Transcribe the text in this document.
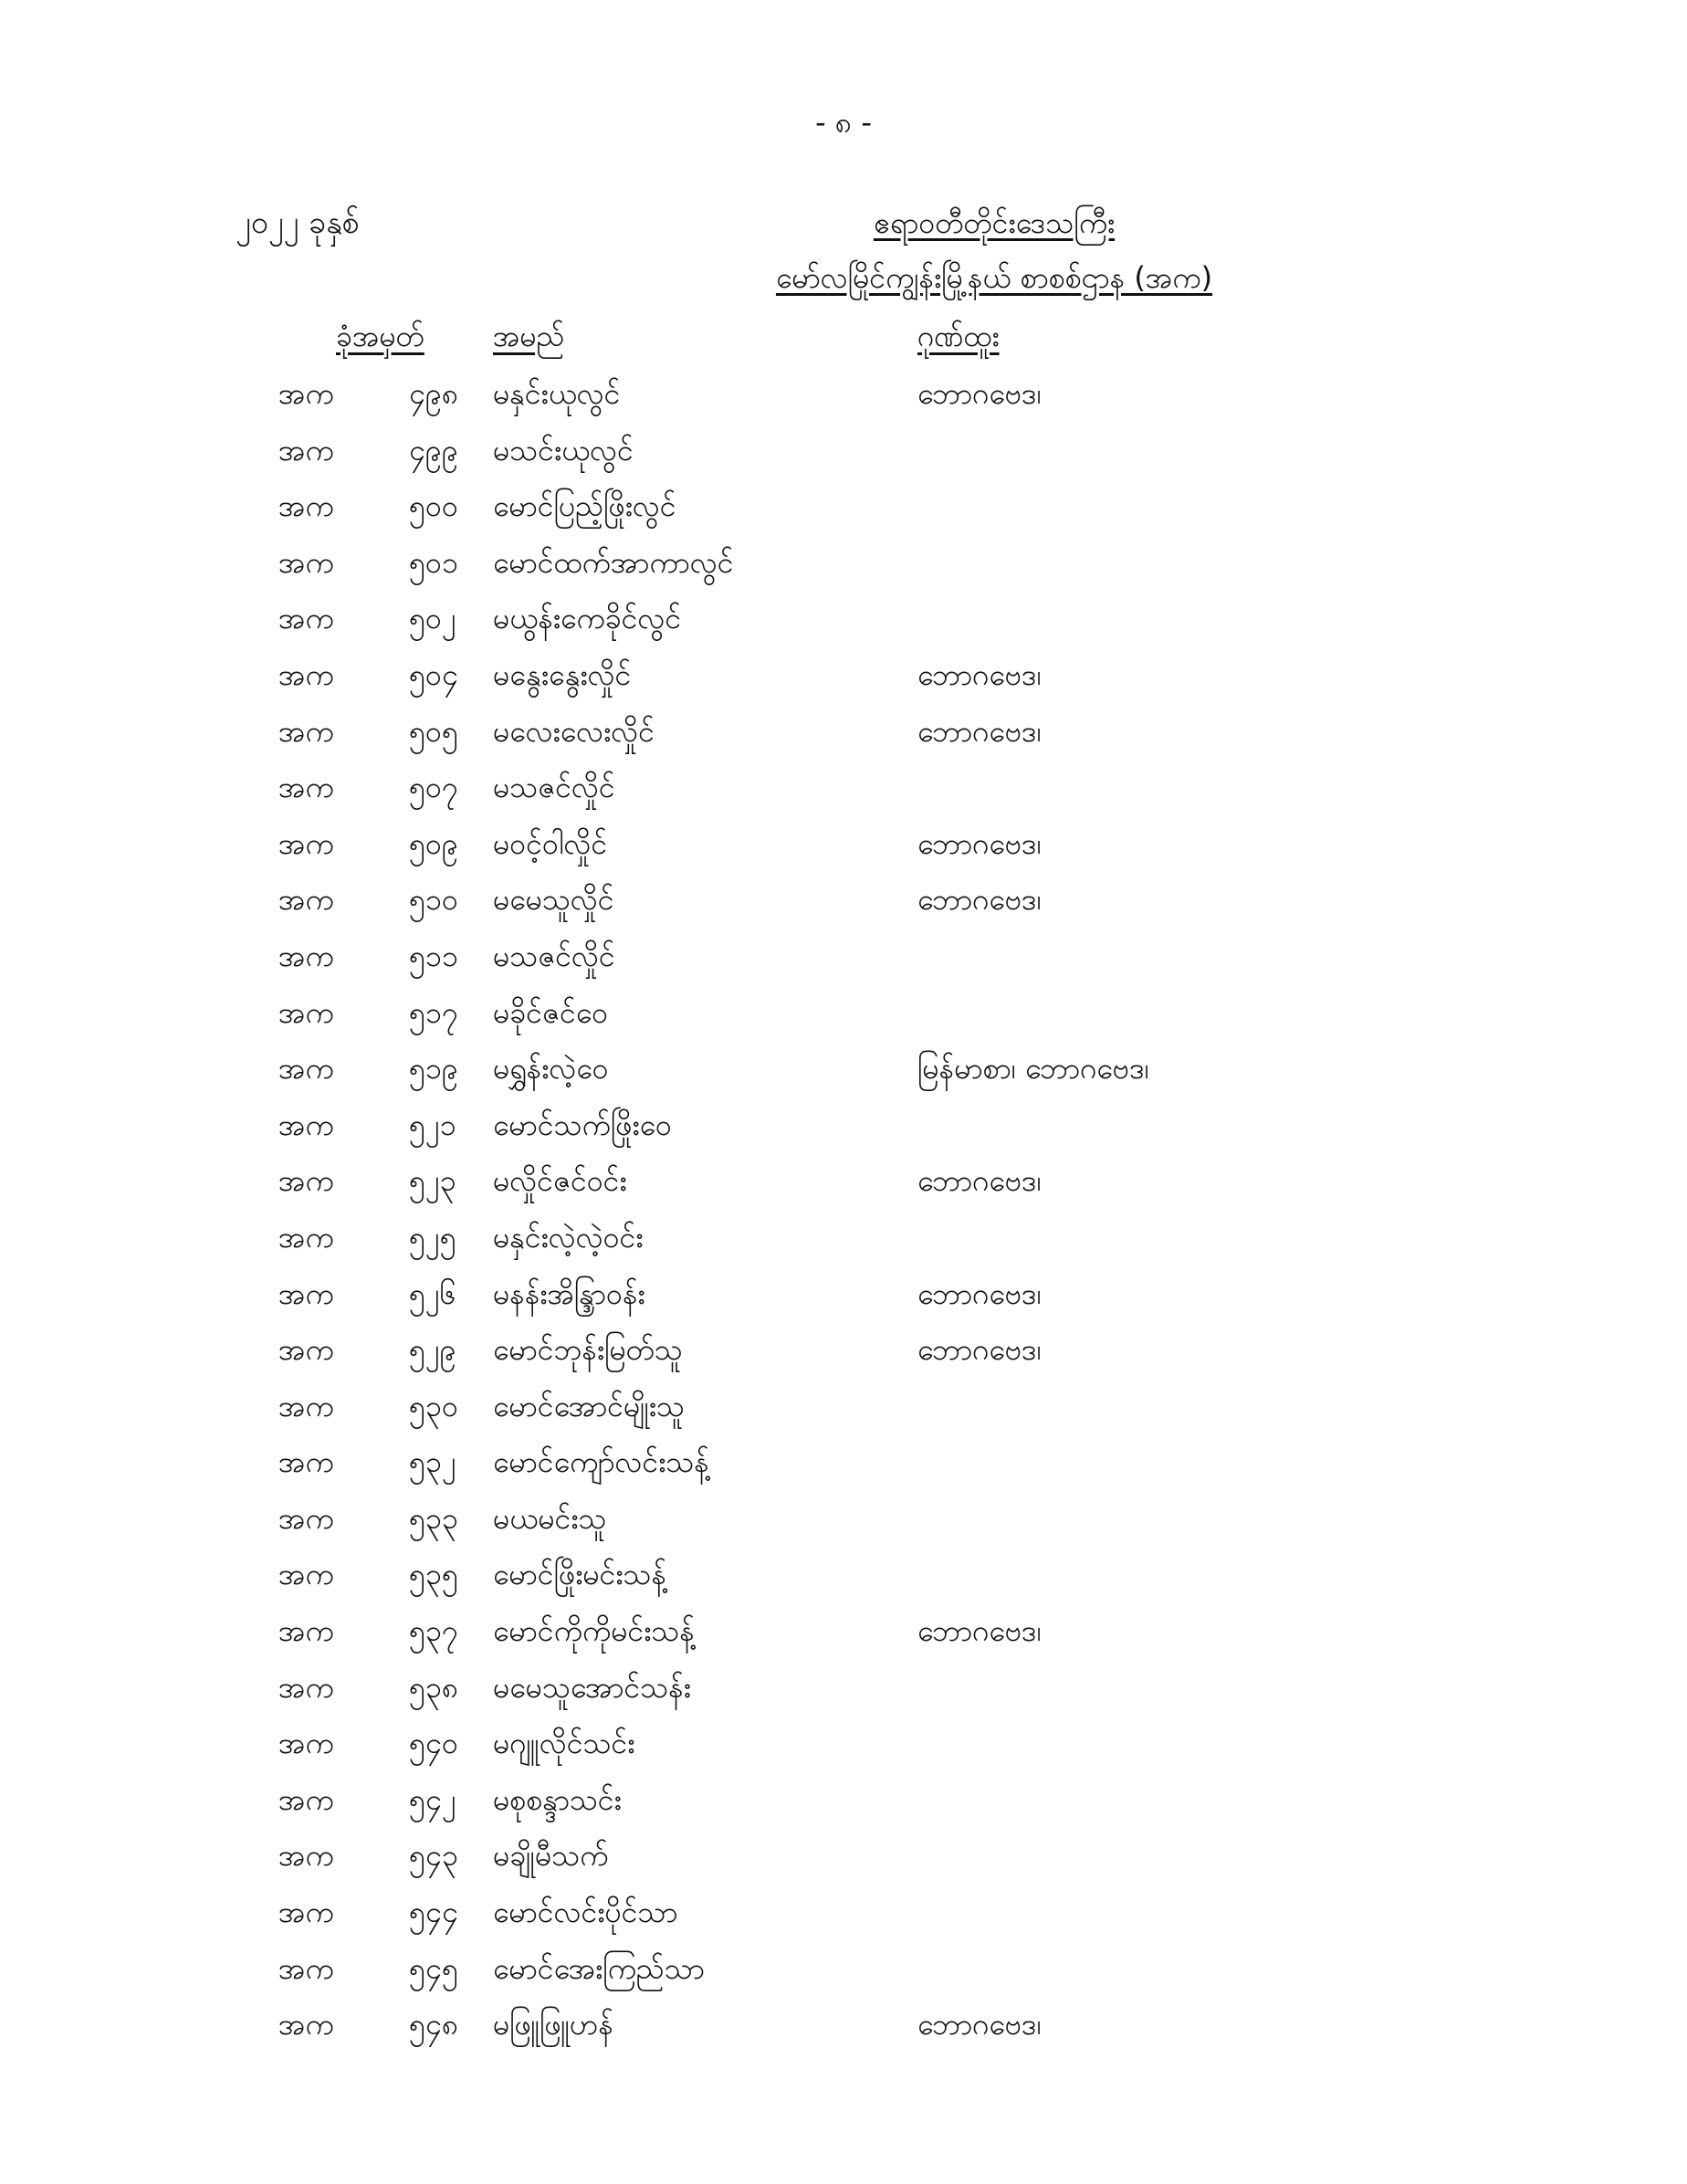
- ၈ -
၂၀၂၂ ခုနှစ်	ဧရာဝတီတိုင်းဒေသကြီး
မော်လမြိုင်ကျွန်းမြို့နယ် စာစစ်ဌာန (အက)
ခုံအမှတ် အမည်	ဂုဏ်ထူး
အက	၄၉၈ မနှင်းယုလွင်	ဘောဂဗေဒ၊
အက	၄၉၉ မသင်းယုလွင်
အက	၅၀၀ မောင်ပြည့်ဖြိုးလွင်
အက	၅၀၁ မောင်ထက်အာကာလွင်
အက	၅၀၂ မယွန်းကေခိုင်လွင်
အက	၅၀၄ မနွေးနွေးလှိုင်	ဘောဂဗေဒ၊
အက	၅၀၅ မလေးလေးလှိုင်	ဘောဂဗေဒ၊
အက	၅၀၇ မသဇင်လှိုင်
အက	၅၀၉ မဝင့်ဝါလှိုင်	ဘောဂဗေဒ၊
အက	၅၁၀ မမေသူလှိုင်	ဘောဂဗေဒ၊
အက	၅၁၁ မသဇင်လှိုင်
အက	၅၁၇ မခိုင်ဇင်ဝေ
အက	၅၁၉ မရွှန်းလဲ့ဝေ	မြန်မာစာ၊ ဘောဂဗေဒ၊
အက	၅၂၁ မောင်သက်ဖြိုးဝေ
အက	၅၂၃ မလှိုင်ဇင်ဝင်း	ဘောဂဗေဒ၊
အက	၅၂၅ မနှင်းလဲ့လဲ့ဝင်း
အက	၅၂၆ မနန်းအိန္ဒြာဝန်း	ဘောဂဗေဒ၊
အက	၅၂၉ မောင်ဘုန်းမြတ်သူ	ဘောဂဗေဒ၊
အက	၅၃၀ မောင်အောင်မျိုးသူ
အက	၅၃၂ မောင်ကျော်လင်းသန့်
အက	၅၃၃ မယမင်းသူ
အက	၅၃၅ မောင်ဖြိုးမင်းသန့်
အက	၅၃၇ မောင်ကိုကိုမင်းသန့်	ဘောဂဗေဒ၊
အက	၅၃၈ မမေသူအောင်သန်း
အက	၅၄၀ မဂျူလိုင်သင်း
အက	၅၄၂ မစုစန္ဒာသင်း
အက	၅၄၃ မချိုမီသက်
အက	၅၄၄ မောင်လင်းပိုင်သာ
အက	၅၄၅ မောင်အေးကြည်သာ
အက	၅၄၈ မဖြူဖြူဟန်	ဘောဂဗေဒ၊
